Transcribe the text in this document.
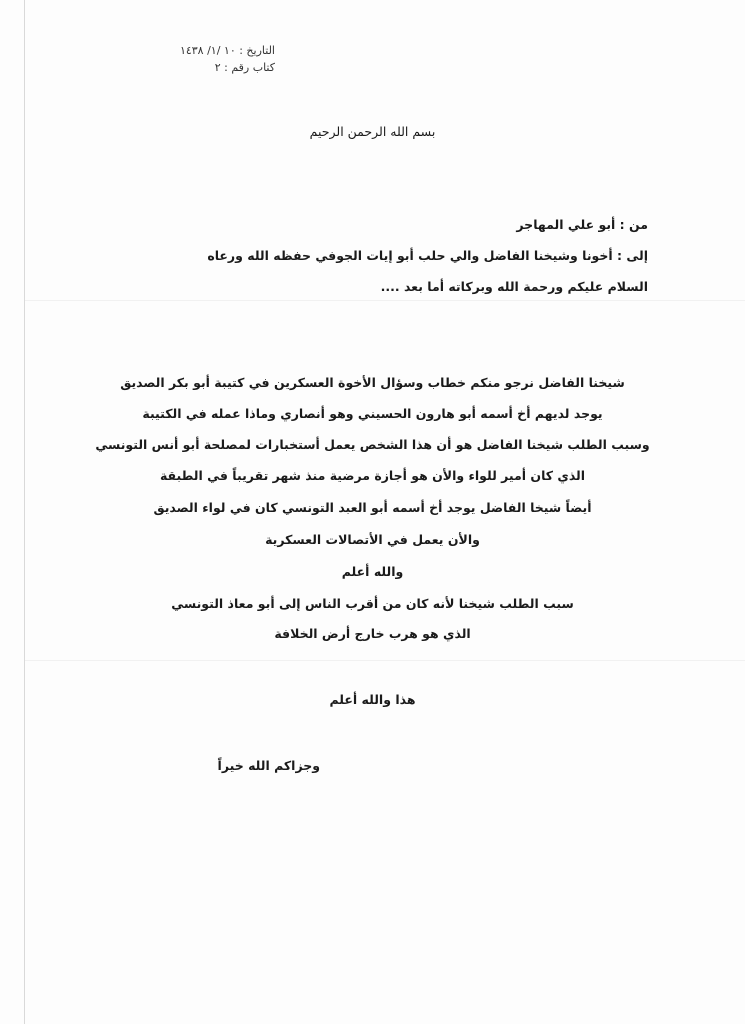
التاريخ : ١٠ /١/ ١٤٣٨
كتاب رقم : ٢
بسم الله الرحمن الرحيم
من : أبو علي المهاجر
إلى : أخونا وشيخنا الفاضل والي حلب أبو إيات الجوفي حفظه الله ورعاه
السلام عليكم ورحمة الله وبركاته أما بعد ....
شيخنا الفاضل نرجو منكم خطاب وسؤال الأخوة العسكرين في كتيبة أبو بكر الصديق
يوجد لديهم أخ أسمه أبو هارون الحسيني وهو أنصاري وماذا عمله في الكتيبة
وسبب الطلب شيخنا الفاضل هو أن هذا الشخص يعمل أستخبارات لمصلحة أبو أنس التونسي
الذي كان أمير للواء والأن هو أجازة مرضية منذ شهر تقريباً في الطبقة
أيضاً شيخا الفاضل يوجد أخ أسمه أبو العبد التونسي كان في لواء الصديق
والأن يعمل في الأتصالات العسكرية
والله أعلم
سبب الطلب شيخنا لأنه كان من أقرب الناس إلى أبو معاذ التونسي
الذي هو هرب خارج أرض الخلافة
هذا والله أعلم
وجزاكم الله خيراً
